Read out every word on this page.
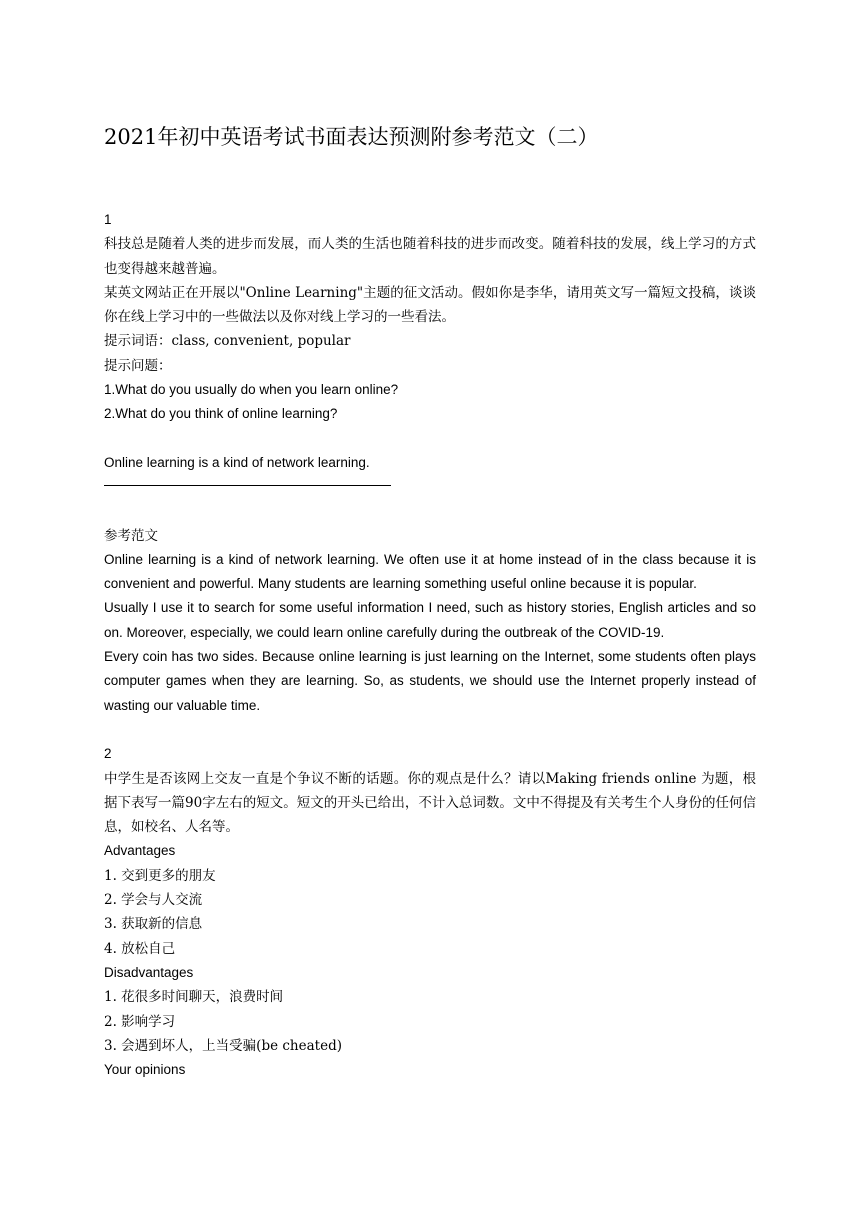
2021年初中英语考试书面表达预测附参考范文（二）

1

科技总是随着人类的进步而发展，而人类的生活也随着科技的进步而改变。随着科技的发展，线上学习的方式也变得越来越普遍。

某英文网站正在开展以"Online Learning"主题的征文活动。假如你是李华，请用英文写一篇短文投稿，谈谈你在线上学习中的一些做法以及你对线上学习的一些看法。

提示词语：class, convenient, popular

提示问题：

1.What do you usually do when you learn online?

2.What do you think of online learning?

Online learning is a kind of network learning.

参考范文

Online learning is a kind of network learning. We often use it at home instead of in the class because it is convenient and powerful. Many students are learning something useful online because it is popular.

Usually I use it to search for some useful information I need, such as history stories, English articles and so on. Moreover, especially, we could learn online carefully during the outbreak of the COVID-19.

Every coin has two sides. Because online learning is just learning on the Internet, some students often plays computer games when they are learning. So, as students, we should use the Internet properly instead of wasting our valuable time.

2

中学生是否该网上交友一直是个争议不断的话题。你的观点是什么？请以Making friends online 为题，根据下表写一篇90字左右的短文。短文的开头已给出，不计入总词数。文中不得提及有关考生个人身份的任何信息，如校名、人名等。

Advantages

1. 交到更多的朋友

2. 学会与人交流

3. 获取新的信息

4. 放松自己

Disadvantages

1. 花很多时间聊天，浪费时间

2. 影响学习

3. 会遇到坏人，上当受骗(be cheated)

Your opinions
